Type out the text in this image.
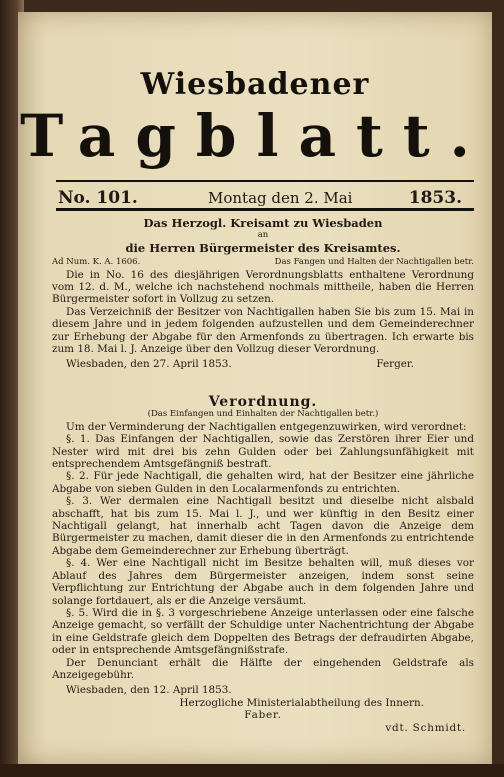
Wiesbadener
Tagblatt.
No. 101.	Montag den 2. Mai	1853.
Das Herzogl. Kreisamt zu Wiesbaden
an
die Herren Bürgermeister des Kreisamtes.
Ad Num. K. A. 1606.	Das Fangen und Halten der Nachtigallen betr.
Die in No. 16 des diesjährigen Verordnungsblatts enthaltene Verordnung vom 12. d. M., welche ich nachstehend nochmals mittheile, haben die Herren Bürgermeister sofort in Vollzug zu setzen.
Das Verzeichniß der Besitzer von Nachtigallen haben Sie bis zum 15. Mai in diesem Jahre und in jedem folgenden aufzustellen und dem Gemeinderechner zur Erhebung der Abgabe für den Armenfonds zu übertragen. Ich erwarte bis zum 18. Mai l. J. Anzeige über den Vollzug dieser Verordnung.
Wiesbaden, den 27. April 1853.	Ferger.
Verordnung.
(Das Einfangen und Einhalten der Nachtigallen betr.)
Um der Verminderung der Nachtigallen entgegenzuwirken, wird verordnet:
§. 1. Das Einfangen der Nachtigallen, sowie das Zerstören ihrer Eier und Nester wird mit drei bis zehn Gulden oder bei Zahlungsunfähigkeit mit entsprechendem Amtsgefängniß bestraft.
§. 2. Für jede Nachtigall, die gehalten wird, hat der Besitzer eine jährliche Abgabe von sieben Gulden in den Localarmenfonds zu entrichten.
§. 3. Wer dermalen eine Nachtigall besitzt und dieselbe nicht alsbald abschafft, hat bis zum 15. Mai l. J., und wer künftig in den Besitz einer Nachtigall gelangt, hat innerhalb acht Tagen davon die Anzeige dem Bürgermeister zu machen, damit dieser die in den Armenfonds zu entrichtende Abgabe dem Gemeinderechner zur Erhebung überträgt.
§. 4. Wer eine Nachtigall nicht im Besitze behalten will, muß dieses vor Ablauf des Jahres dem Bürgermeister anzeigen, indem sonst seine Verpflichtung zur Entrichtung der Abgabe auch in dem folgenden Jahre und solange fortdauert, als er die Anzeige versäumt.
§. 5. Wird die in §. 3 vorgeschriebene Anzeige unterlassen oder eine falsche Anzeige gemacht, so verfällt der Schuldige unter Nachentrichtung der Abgabe in eine Geldstrafe gleich dem Doppelten des Betrags der defraudirten Abgabe, oder in entsprechende Amtsgefängnißstrafe.
Der Denunciant erhält die Hälfte der eingehenden Geldstrafe als Anzeigegebühr.
Wiesbaden, den 12. April 1853.
Herzogliche Ministerialabtheilung des Innern.
Faber.
vdt. Schmidt.
